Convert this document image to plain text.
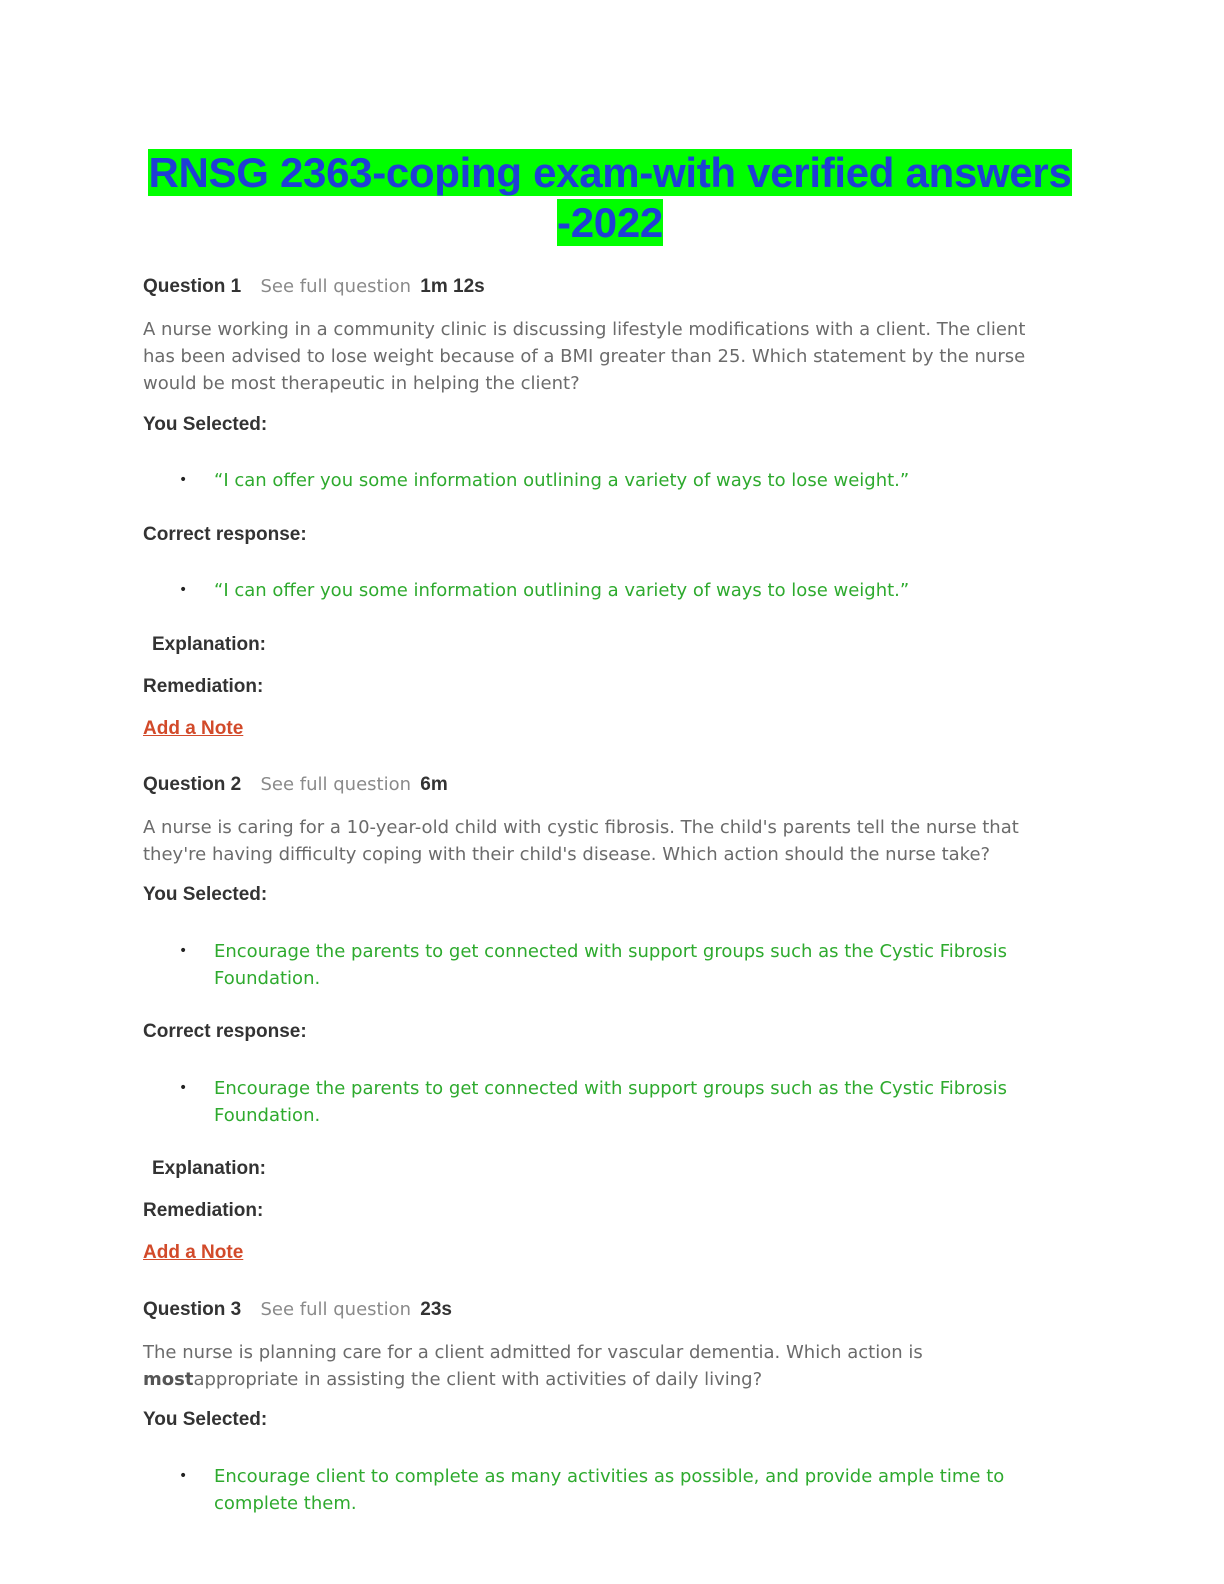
RNSG 2363-coping exam-with verified answers
-2022
Question 1 See full question 1m 12s
A nurse working in a community clinic is discussing lifestyle modifications with a client. The client has been advised to lose weight because of a BMI greater than 25. Which statement by the nurse would be most therapeutic in helping the client?
You Selected:
• “I can offer you some information outlining a variety of ways to lose weight.”
Correct response:
• “I can offer you some information outlining a variety of ways to lose weight.”
Explanation:
Remediation:
Add a Note
Question 2 See full question 6m
A nurse is caring for a 10-year-old child with cystic fibrosis. The child's parents tell the nurse that they're having difficulty coping with their child's disease. Which action should the nurse take?
You Selected:
• Encourage the parents to get connected with support groups such as the Cystic Fibrosis Foundation.
Correct response:
• Encourage the parents to get connected with support groups such as the Cystic Fibrosis Foundation.
Explanation:
Remediation:
Add a Note
Question 3 See full question 23s
The nurse is planning care for a client admitted for vascular dementia. Which action is mostappropriate in assisting the client with activities of daily living?
You Selected:
• Encourage client to complete as many activities as possible, and provide ample time to complete them.
